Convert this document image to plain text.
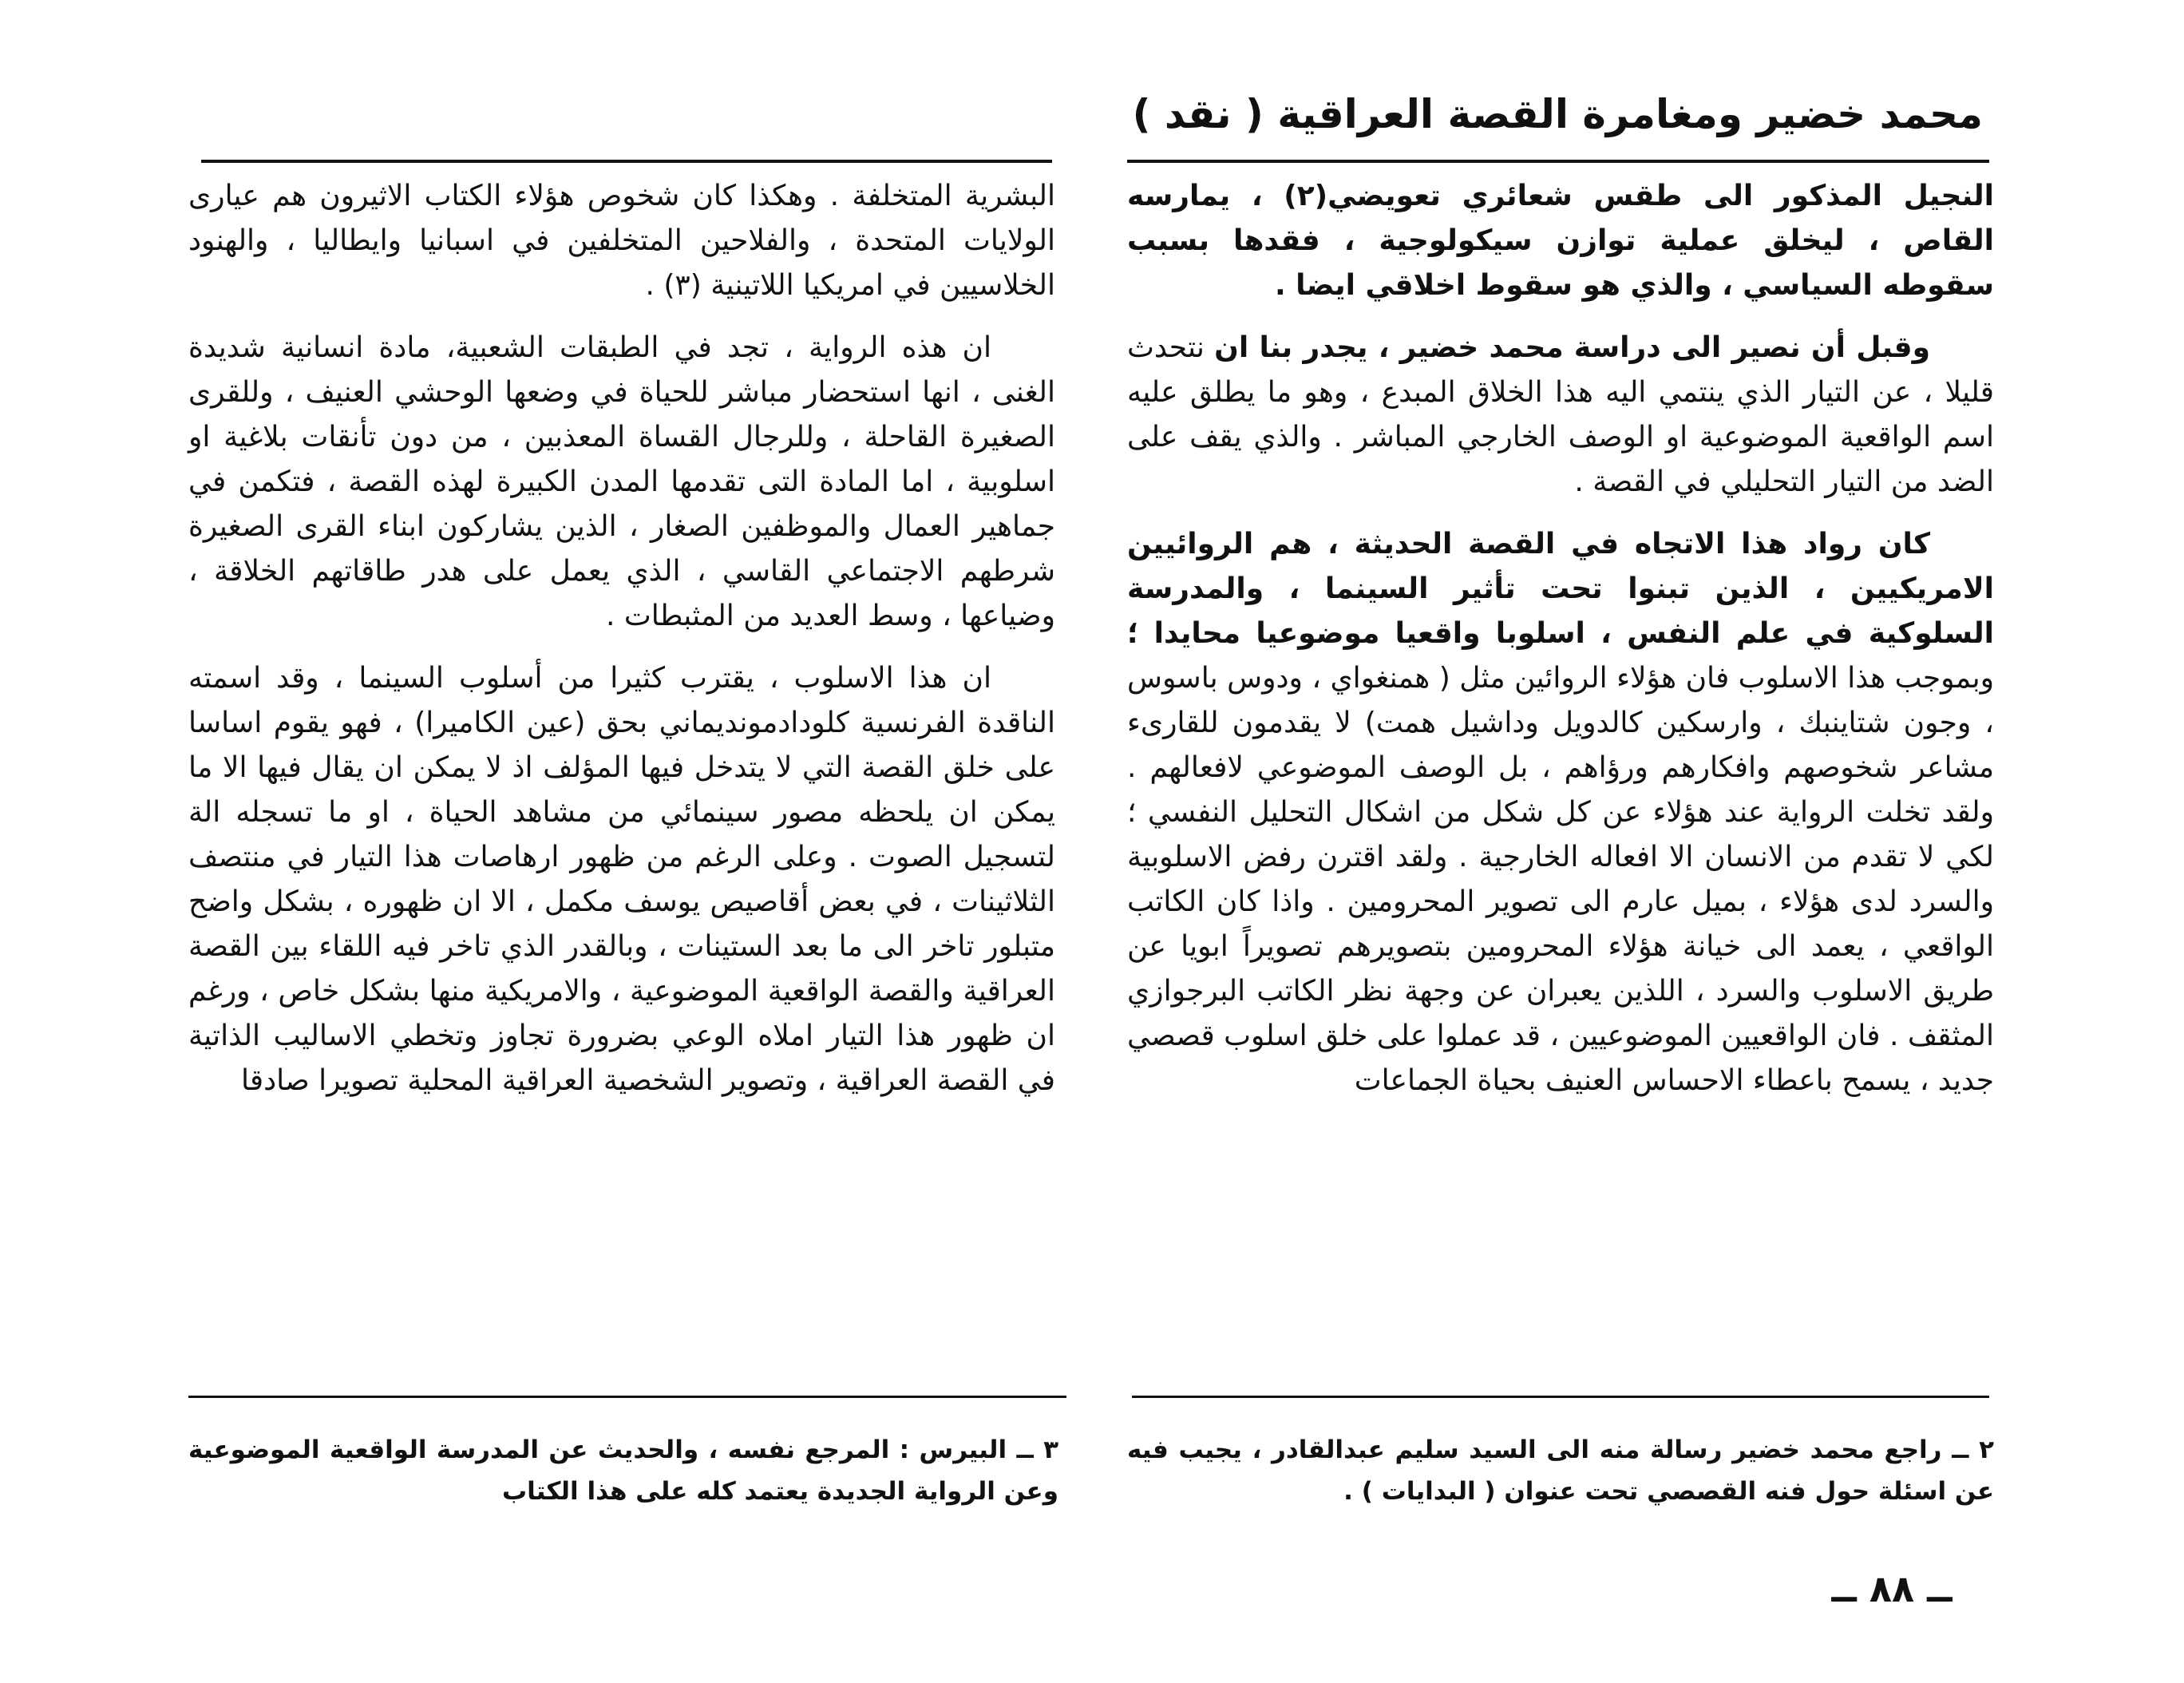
محمد خضير ومغامرة القصة العراقية ( نقد )

النجيل المذكور الى طقس شعائري تعويضي(٢) ، يمارسه القاص ، ليخلق عملية توازن سيكولوجية ، فقدها بسبب سقوطه السياسي ، والذي هو سقوط اخلاقي ايضا .

وقبل أن نصير الى دراسة محمد خضير ، يجدر بنا ان نتحدث قليلا ، عن التيار الذي ينتمي اليه هذا الخلاق المبدع ، وهو ما يطلق عليه اسم الواقعية الموضوعية او الوصف الخارجي المباشر . والذي يقف على الضد من التيار التحليلي في القصة .

كان رواد هذا الاتجاه في القصة الحديثة ، هم الروائيين الامريكيين ، الذين تبنوا تحت تأثير السينما ، والمدرسة السلوكية في علم النفس ، اسلوبا واقعيا موضوعيا محايدا ؛ وبموجب هذا الاسلوب فان هؤلاء الروائين مثل ( همنغواي ، ودوس باسوس ، وجون شتاينبك ، وارسكين كالدويل وداشيل همت) لا يقدمون للقارىء مشاعر شخوصهم وافكارهم ورؤاهم ، بل الوصف الموضوعي لافعالهم . ولقد تخلت الرواية عند هؤلاء عن كل شكل من اشكال التحليل النفسي ؛ لكي لا تقدم من الانسان الا افعاله الخارجية . ولقد اقترن رفض الاسلوبية والسرد لدى هؤلاء ، بميل عارم الى تصوير المحرومين . واذا كان الكاتب الواقعي ، يعمد الى خيانة هؤلاء المحرومين بتصويرهم تصويراً ابويا عن طريق الاسلوب والسرد ، اللذين يعبران عن وجهة نظر الكاتب البرجوازي المثقف . فان الواقعيين الموضوعيين ، قد عملوا على خلق اسلوب قصصي جديد ، يسمح باعطاء الاحساس العنيف بحياة الجماعات

البشرية المتخلفة . وهكذا كان شخوص هؤلاء الكتاب الاثيرون هم عيارى الولايات المتحدة ، والفلاحين المتخلفين في اسبانيا وايطاليا ، والهنود الخلاسيين في امريكيا اللاتينية (٣) .

ان هذه الرواية ، تجد في الطبقات الشعبية، مادة انسانية شديدة الغنى ، انها استحضار مباشر للحياة في وضعها الوحشي العنيف ، وللقرى الصغيرة القاحلة ، وللرجال القساة المعذبين ، من دون تأنقات بلاغية او اسلوبية ، اما المادة التى تقدمها المدن الكبيرة لهذه القصة ، فتكمن في جماهير العمال والموظفين الصغار ، الذين يشاركون ابناء القرى الصغيرة شرطهم الاجتماعي القاسي ، الذي يعمل على هدر طاقاتهم الخلاقة ، وضياعها ، وسط العديد من المثبطات .

ان هذا الاسلوب ، يقترب كثيرا من أسلوب السينما ، وقد اسمته الناقدة الفرنسية كلودادمونديماني بحق (عين الكاميرا) ، فهو يقوم اساسا على خلق القصة التي لا يتدخل فيها المؤلف اذ لا يمكن ان يقال فيها الا ما يمكن ان يلحظه مصور سينمائي من مشاهد الحياة ، او ما تسجله الة لتسجيل الصوت . وعلى الرغم من ظهور ارهاصات هذا التيار في منتصف الثلاثينات ، في بعض أقاصيص يوسف مكمل ، الا ان ظهوره ، بشكل واضح متبلور تاخر الى ما بعد الستينات ، وبالقدر الذي تاخر فيه اللقاء بين القصة العراقية والقصة الواقعية الموضوعية ، والامريكية منها بشكل خاص ، ورغم ان ظهور هذا التيار املاه الوعي بضرورة تجاوز وتخطي الاساليب الذاتية في القصة العراقية ، وتصوير الشخصية العراقية المحلية تصويرا صادقا

٢ ــ راجع محمد خضير رسالة منه الى السيد سليم عبدالقادر ، يجيب فيه عن اسئلة حول فنه القصصي تحت عنوان ( البدايات ) .

٣ ــ البيرس : المرجع نفسه ، والحديث عن المدرسة الواقعية الموضوعية وعن الرواية الجديدة يعتمد كله على هذا الكتاب

ــ ٨٨ ــ
